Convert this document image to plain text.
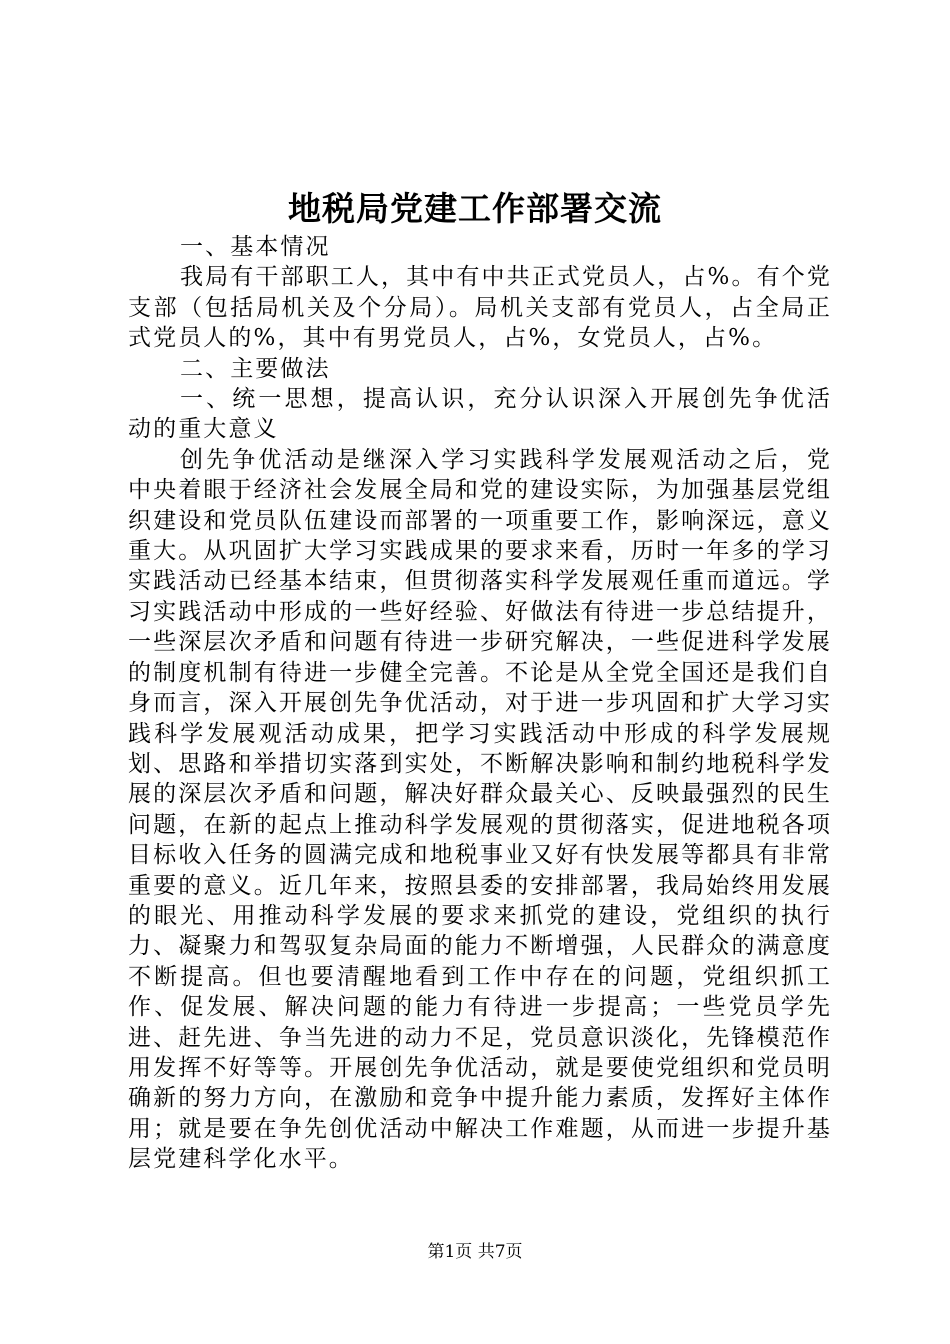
地税局党建工作部署交流

一、基本情况

我局有干部职工人，其中有中共正式党员人，占%。有个党支部（包括局机关及个分局）。局机关支部有党员人，占全局正式党员人的%，其中有男党员人，占%，女党员人，占%。

二、主要做法

一、统一思想，提高认识，充分认识深入开展创先争优活动的重大意义

创先争优活动是继深入学习实践科学发展观活动之后，党中央着眼于经济社会发展全局和党的建设实际，为加强基层党组织建设和党员队伍建设而部署的一项重要工作，影响深远，意义重大。从巩固扩大学习实践成果的要求来看，历时一年多的学习实践活动已经基本结束，但贯彻落实科学发展观任重而道远。学习实践活动中形成的一些好经验、好做法有待进一步总结提升，一些深层次矛盾和问题有待进一步研究解决，一些促进科学发展的制度机制有待进一步健全完善。不论是从全党全国还是我们自身而言，深入开展创先争优活动，对于进一步巩固和扩大学习实践科学发展观活动成果，把学习实践活动中形成的科学发展规划、思路和举措切实落到实处，不断解决影响和制约地税科学发展的深层次矛盾和问题，解决好群众最关心、反映最强烈的民生问题，在新的起点上推动科学发展观的贯彻落实，促进地税各项目标收入任务的圆满完成和地税事业又好有快发展等都具有非常重要的意义。近几年来，按照县委的安排部署，我局始终用发展的眼光、用推动科学发展的要求来抓党的建设，党组织的执行力、凝聚力和驾驭复杂局面的能力不断增强，人民群众的满意度不断提高。但也要清醒地看到工作中存在的问题，党组织抓工作、促发展、解决问题的能力有待进一步提高；一些党员学先进、赶先进、争当先进的动力不足，党员意识淡化，先锋模范作用发挥不好等等。开展创先争优活动，就是要使党组织和党员明确新的努力方向，在激励和竞争中提升能力素质，发挥好主体作用；就是要在争先创优活动中解决工作难题，从而进一步提升基层党建科学化水平。

第1页 共7页
